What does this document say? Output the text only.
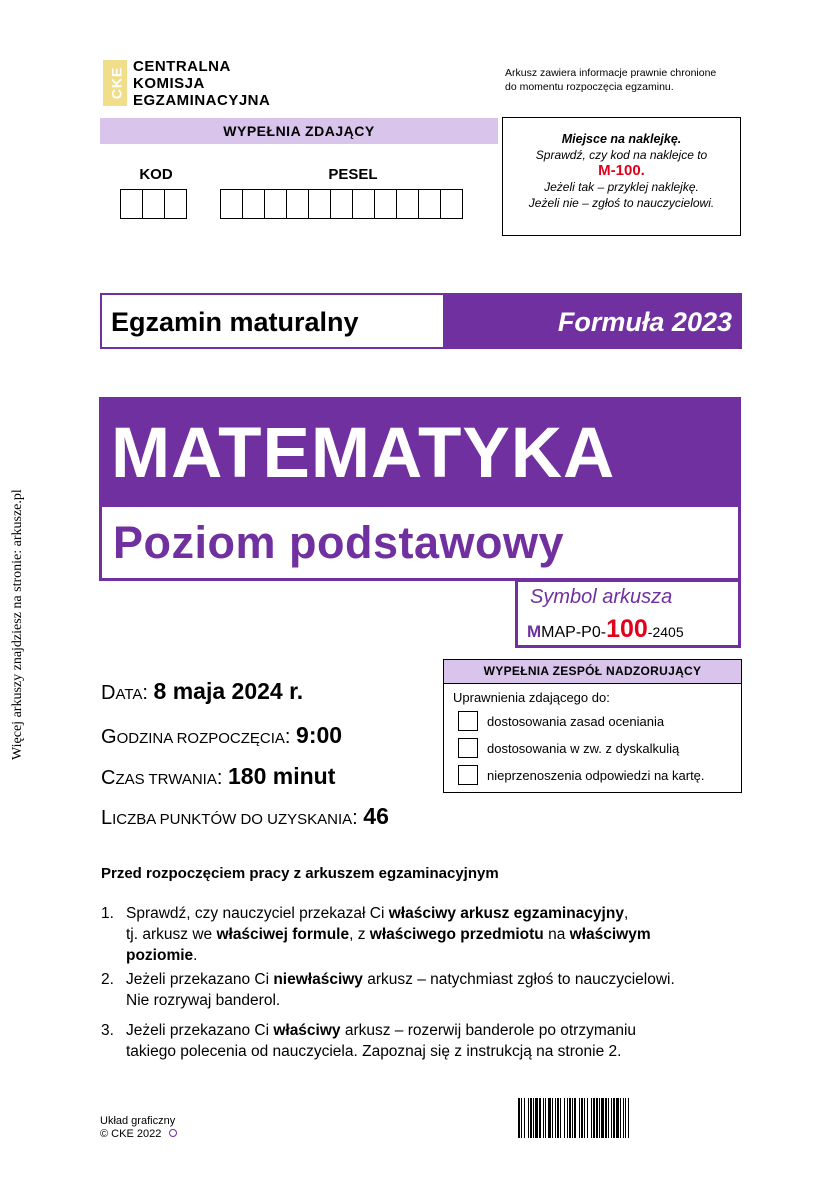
CKE
CENTRALNA
KOMISJA
EGZAMINACYJNA
Arkusz zawiera informacje prawnie chronione
do momentu rozpoczęcia egzaminu.
WYPEŁNIA ZDAJĄCY
KOD	PESEL
Miejsce na naklejkę.
Sprawdź, czy kod na naklejce to
M-100.
Jeżeli tak – przyklej naklejkę.
Jeżeli nie – zgłoś to nauczycielowi.
Egzamin maturalny	Formuła 2023
MATEMATYKA
Poziom podstawowy
Symbol arkusza
MMAP-P0-100-2405
DATA: 8 maja 2024 r.
GODZINA ROZPOCZĘCIA: 9:00
CZAS TRWANIA: 180 minut
LICZBA PUNKTÓW DO UZYSKANIA: 46
WYPEŁNIA ZESPÓŁ NADZORUJĄCY
Uprawnienia zdającego do:
dostosowania zasad oceniania
dostosowania w zw. z dyskalkulią
nieprzenoszenia odpowiedzi na kartę.
Przed rozpoczęciem pracy z arkuszem egzaminacyjnym
1. Sprawdź, czy nauczyciel przekazał Ci właściwy arkusz egzaminacyjny,
tj. arkusz we właściwej formule, z właściwego przedmiotu na właściwym poziomie.
2. Jeżeli przekazano Ci niewłaściwy arkusz – natychmiast zgłoś to nauczycielowi.
Nie rozrywaj banderol.
3. Jeżeli przekazano Ci właściwy arkusz – rozerwij banderole po otrzymaniu
takiego polecenia od nauczyciela. Zapoznaj się z instrukcją na stronie 2.
Więcej arkuszy znajdziesz na stronie: arkusze.pl
Układ graficzny
© CKE 2022
